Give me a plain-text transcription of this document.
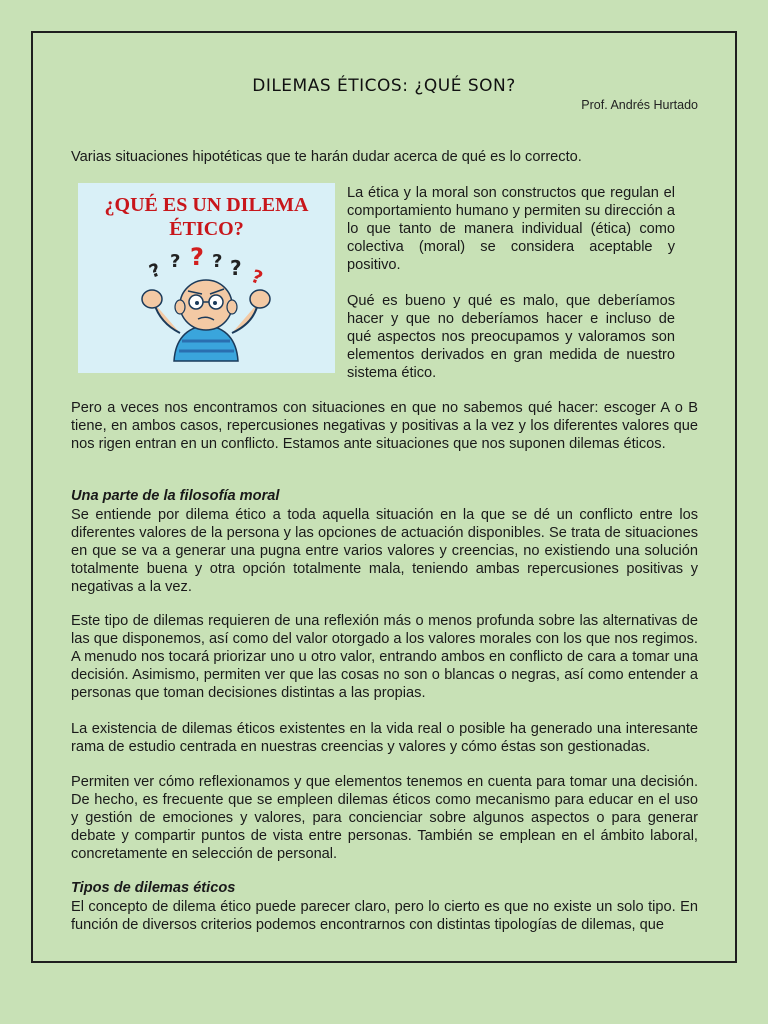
DILEMAS ÉTICOS: ¿QUÉ SON?
Prof. Andrés Hurtado

Varias situaciones hipotéticas que te harán dudar acerca de qué es lo correcto.

¿QUÉ ES UN DILEMA
ÉTICO?
? ? ? ? ? ?

La ética y la moral son constructos que regulan el comportamiento humano y permiten su dirección a lo que tanto de manera individual (ética) como colectiva (moral) se considera aceptable y positivo.

Qué es bueno y qué es malo, que deberíamos hacer y que no deberíamos hacer e incluso de qué aspectos nos preocupamos y valoramos son elementos derivados en gran medida de nuestro sistema ético.

Pero a veces nos encontramos con situaciones en que no sabemos qué hacer: escoger A o B tiene, en ambos casos, repercusiones negativas y positivas a la vez y los diferentes valores que nos rigen entran en un conflicto. Estamos ante situaciones que nos suponen dilemas éticos.

Una parte de la filosofía moral

Se entiende por dilema ético a toda aquella situación en la que se dé un conflicto entre los diferentes valores de la persona y las opciones de actuación disponibles. Se trata de situaciones en que se va a generar una pugna entre varios valores y creencias, no existiendo una solución totalmente buena y otra opción totalmente mala, teniendo ambas repercusiones positivas y negativas a la vez.

Este tipo de dilemas requieren de una reflexión más o menos profunda sobre las alternativas de las que disponemos, así como del valor otorgado a los valores morales con los que nos regimos. A menudo nos tocará priorizar uno u otro valor, entrando ambos en conflicto de cara a tomar una decisión. Asimismo, permiten ver que las cosas no son o blancas o negras, así como entender a personas que toman decisiones distintas a las propias.

La existencia de dilemas éticos existentes en la vida real o posible ha generado una interesante rama de estudio centrada en nuestras creencias y valores y cómo éstas son gestionadas.

Permiten ver cómo reflexionamos y que elementos tenemos en cuenta para tomar una decisión. De hecho, es frecuente que se empleen dilemas éticos como mecanismo para educar en el uso y gestión de emociones y valores, para concienciar sobre algunos aspectos o para generar debate y compartir puntos de vista entre personas. También se emplean en el ámbito laboral, concretamente en selección de personal.

Tipos de dilemas éticos

El concepto de dilema ético puede parecer claro, pero lo cierto es que no existe un solo tipo. En función de diversos criterios podemos encontrarnos con distintas tipologías de dilemas, que
